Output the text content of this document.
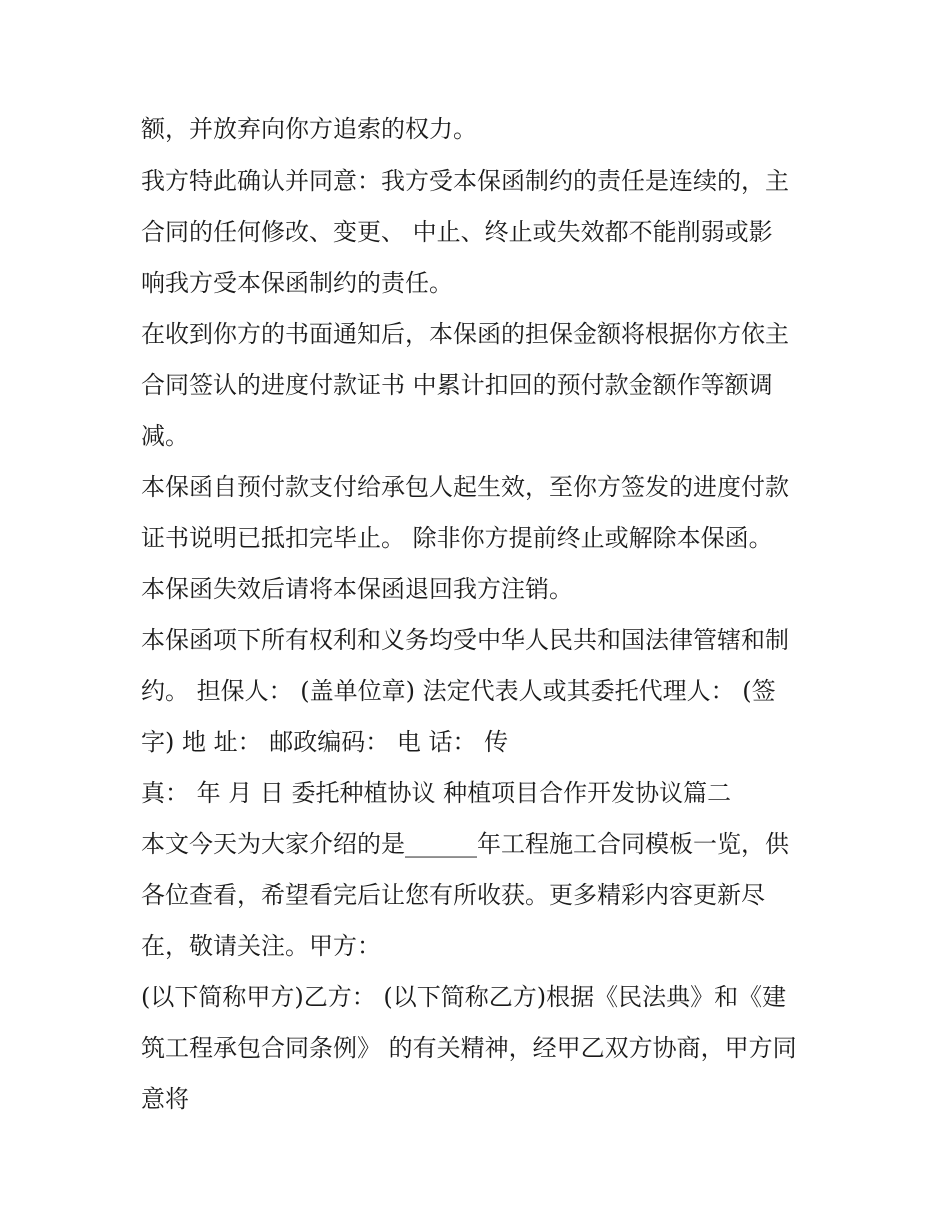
额，并放弃向你方追索的权力。
我方特此确认并同意：我方受本保函制约的责任是连续的，主
合同的任何修改、变更、 中止、终止或失效都不能削弱或影
响我方受本保函制约的责任。
在收到你方的书面通知后，本保函的担保金额将根据你方依主
合同签认的进度付款证书 中累计扣回的预付款金额作等额调
减。
本保函自预付款支付给承包人起生效，至你方签发的进度付款
证书说明已抵扣完毕止。 除非你方提前终止或解除本保函。
本保函失效后请将本保函退回我方注销。
本保函项下所有权利和义务均受中华人民共和国法律管辖和制
约。 担保人： (盖单位章) 法定代表人或其委托代理人： (签
字) 地 址： 邮政编码： 电 话： 传
真： 年 月 日 委托种植协议 种植项目合作开发协议篇二
本文今天为大家介绍的是______年工程施工合同模板一览，供
各位查看，希望看完后让您有所收获。更多精彩内容更新尽
在，敬请关注。甲方：
(以下简称甲方)乙方： (以下简称乙方)根据《民法典》和《建
筑工程承包合同条例》 的有关精神，经甲乙双方协商，甲方同
意将
